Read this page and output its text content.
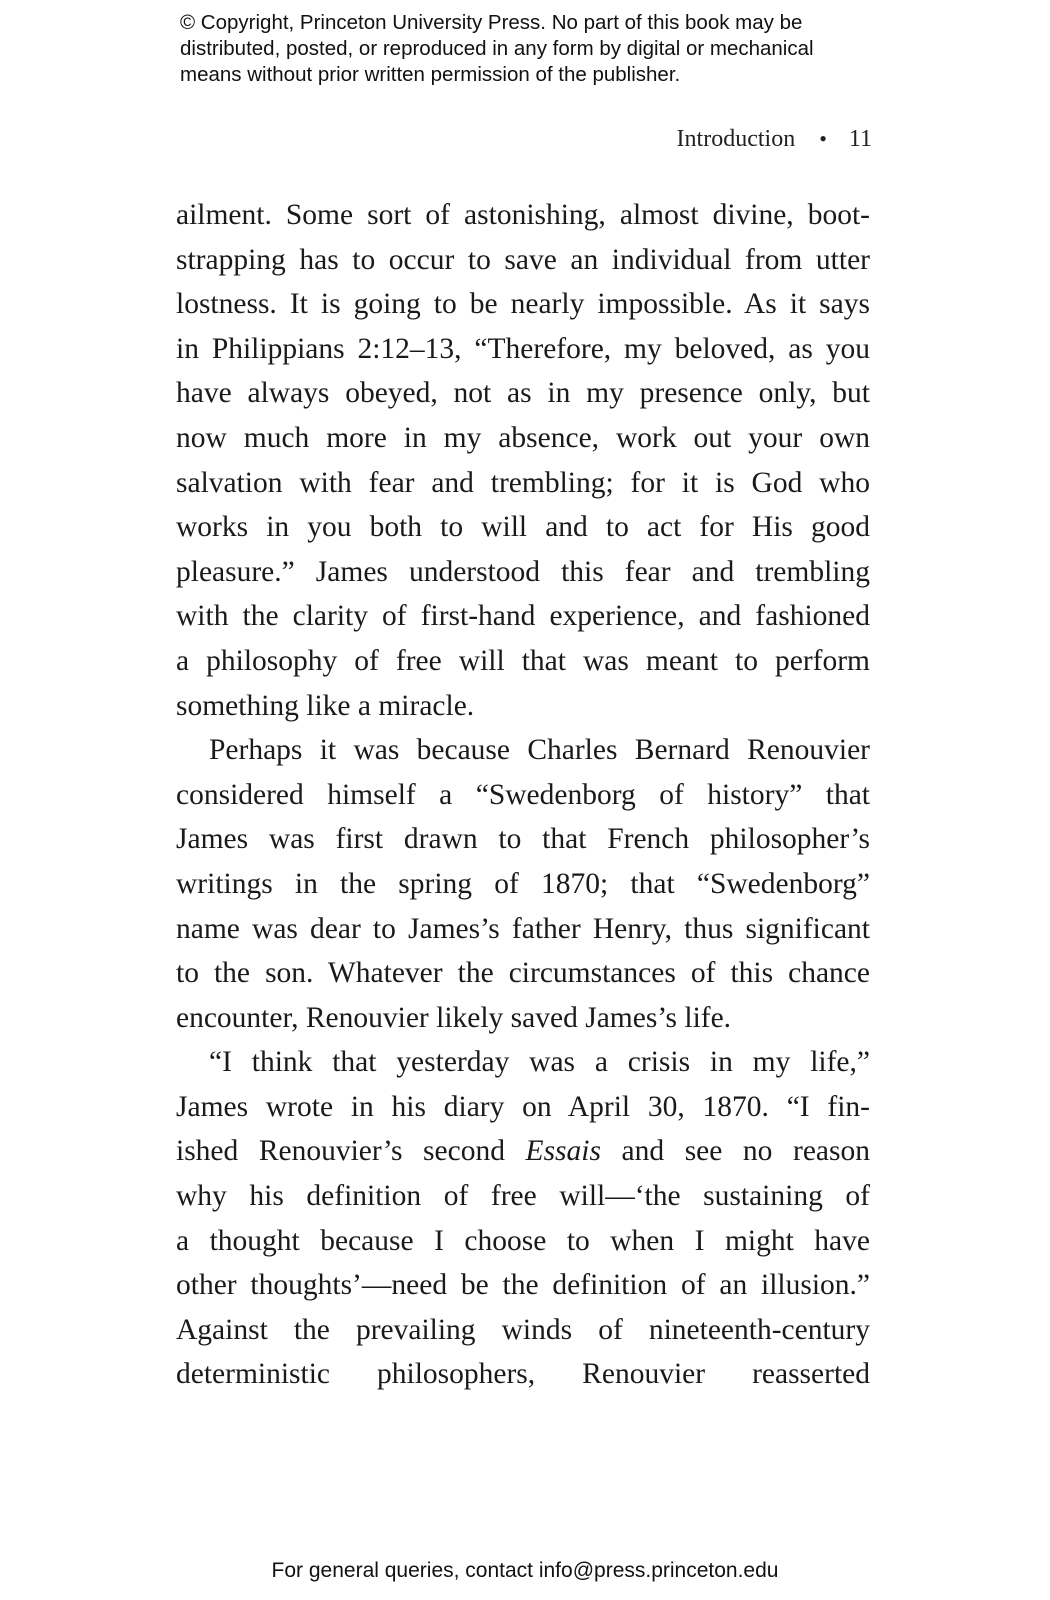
© Copyright, Princeton University Press. No part of this book may be
distributed, posted, or reproduced in any form by digital or mechanical
means without prior written permission of the publisher.
Introduction • 11
ailment. Some sort of astonishing, almost divine, boot-
strapping has to occur to save an individual from utter
lostness. It is going to be nearly impossible. As it says
in Philippians 2:12–13, “Therefore, my beloved, as you
have always obeyed, not as in my presence only, but
now much more in my absence, work out your own
salvation with fear and trembling; for it is God who
works in you both to will and to act for His good
pleasure.” James understood this fear and trembling
with the clarity of first-hand experience, and fashioned
a philosophy of free will that was meant to perform
something like a miracle.
Perhaps it was because Charles Bernard Renouvier
considered himself a “Swedenborg of history” that
James was first drawn to that French philosopher’s
writings in the spring of 1870; that “Swedenborg”
name was dear to James’s father Henry, thus significant
to the son. Whatever the circumstances of this chance
encounter, Renouvier likely saved James’s life.
“I think that yesterday was a crisis in my life,”
James wrote in his diary on April 30, 1870. “I fin-
ished Renouvier’s second Essais and see no reason
why his definition of free will—‘the sustaining of
a thought because I choose to when I might have
other thoughts’—need be the definition of an illusion.”
Against the prevailing winds of nineteenth-century
deterministic philosophers, Renouvier reasserted
For general queries, contact info@press.princeton.edu
